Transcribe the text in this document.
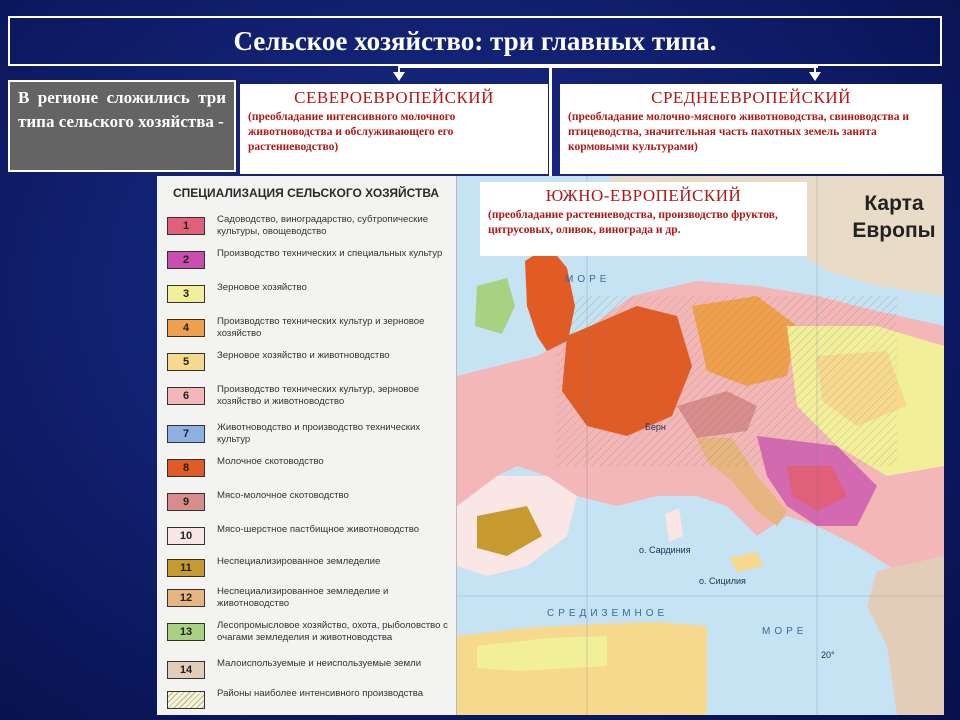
Сельское хозяйство: три главных типа.
В регионе сложились три типа сельского хозяйства -
СЕВЕРОЕВРОПЕЙСКИЙ
(преобладание интенсивного молочного животноводства и обслуживающего его растениеводство)
СРЕДНЕЕВРОПЕЙСКИЙ
(преобладание молочно-мясного животноводства, свиноводства и птицеводства, значительная часть пахотных земель занята кормовыми культурами)
СПЕЦИАЛИЗАЦИЯ СЕЛЬСКОГО ХОЗЯЙСТВА
1
Садоводство, виноградарство, субтропические культуры, овощеводство
2
Производство технических и специальных культур
3
Зерновое хозяйство
4
Производство технических культур и зерновое хозяйство
5
Зерновое хозяйство и животноводство
6
Производство технических культур, зерновое хозяйство и животноводство
7
Животноводство и производство технических культур
8
Молочное скотоводство
9
Мясо-молочное скотоводство
10
Мясо-шерстное пастбищное животноводство
11
Неспециализированное земледелие
12
Неспециализированное земледелие и животноводство
13
Лесопромысловое хозяйство, охота, рыболовство с очагами земледелия и животноводства
14
Малоиспользуемые и неиспользуемые земли
Районы наиболее интенсивного производства
Карта Европы
МОРЕ
СРЕДИЗЕМНОЕ
МОРЕ
Берн
о. Сардиния
о. Сицилия
20°
ЮЖНО-ЕВРОПЕЙСКИЙ
(преобладание растениеводства, производство фруктов, цитрусовых, оливок, винограда и др.
